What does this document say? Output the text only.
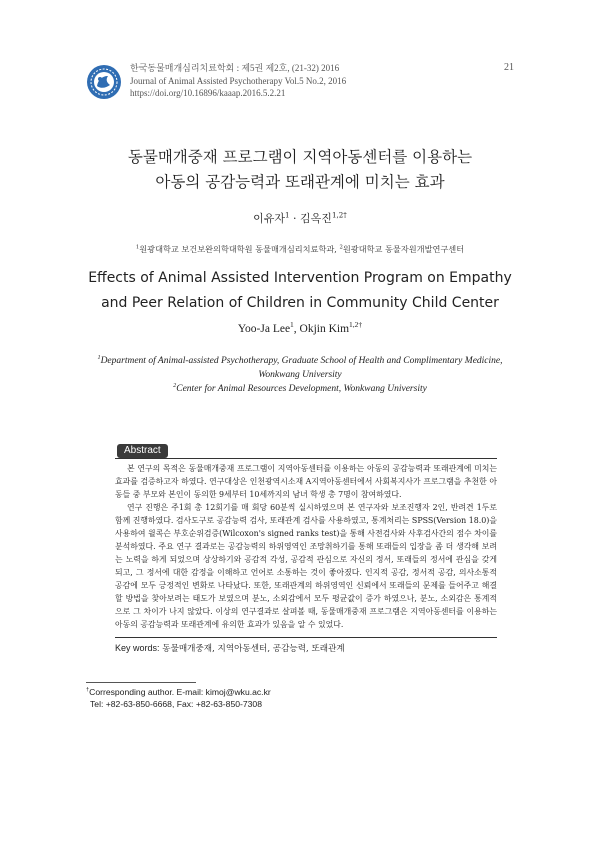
한국동물매개심리치료학회 : 제5권 제2호, (21-32) 2016
Journal of Animal Assisted Psychotherapy Vol.5 No.2, 2016
https://doi.org/10.16896/kaaap.2016.5.2.21
21
동물매개중재 프로그램이 지역아동센터를 이용하는
아동의 공감능력과 또래관계에 미치는 효과
이유자$^1$ · 김옥진$^{1,2\dagger}$
$^1$원광대학교 보건보완의학대학원 동물매개심리치료학과, $^2$원광대학교 동물자원개발연구센터
Effects of Animal Assisted Intervention Program on Empathy
and Peer Relation of Children in Community Child Center
Yoo-Ja Lee$^1$, Okjin Kim$^{1,2\dagger}$
$^1$Department of Animal-assisted Psychotherapy, Graduate School of Health and Complimentary Medicine, Wonkwang University
$^2$Center for Animal Resources Development, Wonkwang University
Abstract

본 연구의 목적은 동물매개중재 프로그램이 지역아동센터를 이용하는 아동의 공감능력과 또래관계에 미치는 효과를 검증하고자 하였다. 연구대상은 인천광역시소재 A지역아동센터에서 사회복지사가 프로그램을 추천한 아동들 중 부모와 본인이 동의한 9세부터 10세까지의 남녀 학생 총 7명이 참여하였다.

연구 진행은 주1회 총 12회기를 매 회당 60분씩 실시하였으며 본 연구자와 보조진행자 2인, 반려견 1두로 함께 진행하였다. 검사도구로 공감능력 검사, 또래관계 검사를 사용하였고, 통계처리는 SPSS(Version 18.0)을 사용하여 윌콕슨 부호순위검증(Wilcoxon's signed ranks test)을 통해 사전검사와 사후검사간의 점수 차이를 분석하였다. 주요 연구 결과로는 공감능력의 하위영역인 조망취하기를 통해 또래들의 입장을 좀 더 생각해 보려는 노력을 하게 되었으며 상상하기와 공감적 각성, 공감적 관심으로 자신의 정서, 또래들의 정서에 관심을 갖게 되고, 그 정서에 대한 감정을 이해하고 언어로 소통하는 것이 좋아졌다. 인지적 공감, 정서적 공감, 의사소통적 공감에 모두 긍정적인 변화로 나타났다. 또한, 또래관계의 하위영역인 신뢰에서 또래들의 문제를 들어주고 해결할 방법을 찾아보려는 태도가 보였으며 분노, 소외감에서 모두 평균값이 증가 하였으나, 분노, 소외감은 통계적으로 그 차이가 나지 않았다. 이상의 연구결과로 살펴볼 때, 동물매개중재 프로그램은 지역아동센터를 이용하는 아동의 공감능력과 또래관계에 유의한 효과가 있음을 알 수 있었다.

Key words: 동물매개중재, 지역아동센터, 공감능력, 또래관계
†Corresponding author. E-mail: kimoj@wku.ac.kr
Tel: +82-63-850-6668, Fax: +82-63-850-7308
